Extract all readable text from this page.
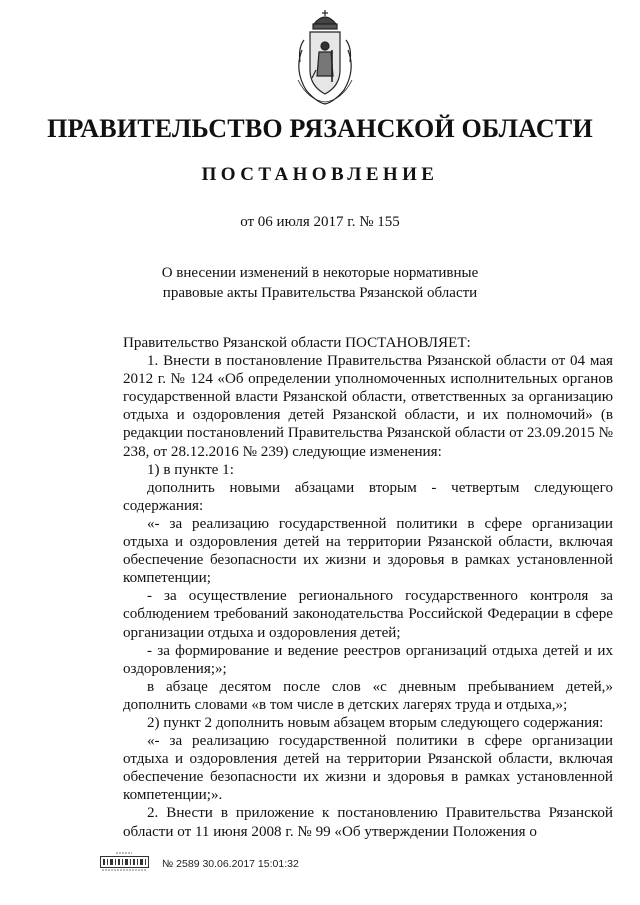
ПРАВИТЕЛЬСТВО РЯЗАНСКОЙ ОБЛАСТИ
ПОСТАНОВЛЕНИЕ
от 06 июля 2017 г. № 155
О внесении изменений в некоторые нормативные
правовые акты Правительства Рязанской области

Правительство Рязанской области ПОСТАНОВЛЯЕТ:

1. Внести в постановление Правительства Рязанской области от 04 мая 2012 г. № 124 «Об определении уполномоченных исполнительных органов государственной власти Рязанской области, ответственных за организацию отдыха и оздоровления детей Рязанской области, и их полномочий» (в редакции постановлений Правительства Рязанской области от 23.09.2015 № 238, от 28.12.2016 № 239) следующие изменения:

1) в пункте 1:

дополнить новыми абзацами вторым - четвертым следующего содержания:

«- за реализацию государственной политики в сфере организации отдыха и оздоровления детей на территории Рязанской области, включая обеспечение безопасности их жизни и здоровья в рамках установленной компетенции;

- за осуществление регионального государственного контроля за соблюдением требований законодательства Российской Федерации в сфере организации отдыха и оздоровления детей;

- за формирование и ведение реестров организаций отдыха детей и их оздоровления;»;

в абзаце десятом после слов «с дневным пребыванием детей,» дополнить словами «в том числе в детских лагерях труда и отдыха,»;

2) пункт 2 дополнить новым абзацем вторым следующего содержания:

«- за реализацию государственной политики в сфере организации отдыха и оздоровления детей на территории Рязанской области, включая обеспечение безопасности их жизни и здоровья в рамках установленной компетенции;».

2. Внести в приложение к постановлению Правительства Рязанской области от 11 июня 2008 г. № 99 «Об утверждении Положения о

№ 2589 30.06.2017 15:01:32
